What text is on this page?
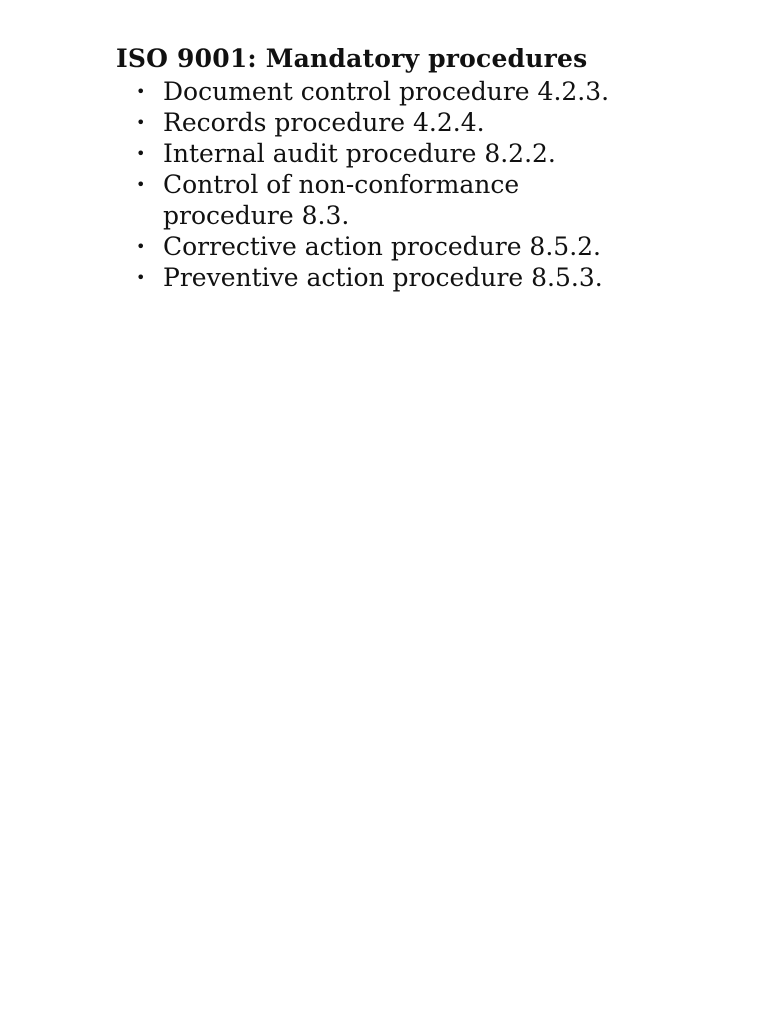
ISO 9001: Mandatory procedures
• Document control procedure 4.2.3.
• Records procedure 4.2.4.
• Internal audit procedure 8.2.2.
• Control of non-conformance procedure 8.3.
• Corrective action procedure 8.5.2.
• Preventive action procedure 8.5.3.
